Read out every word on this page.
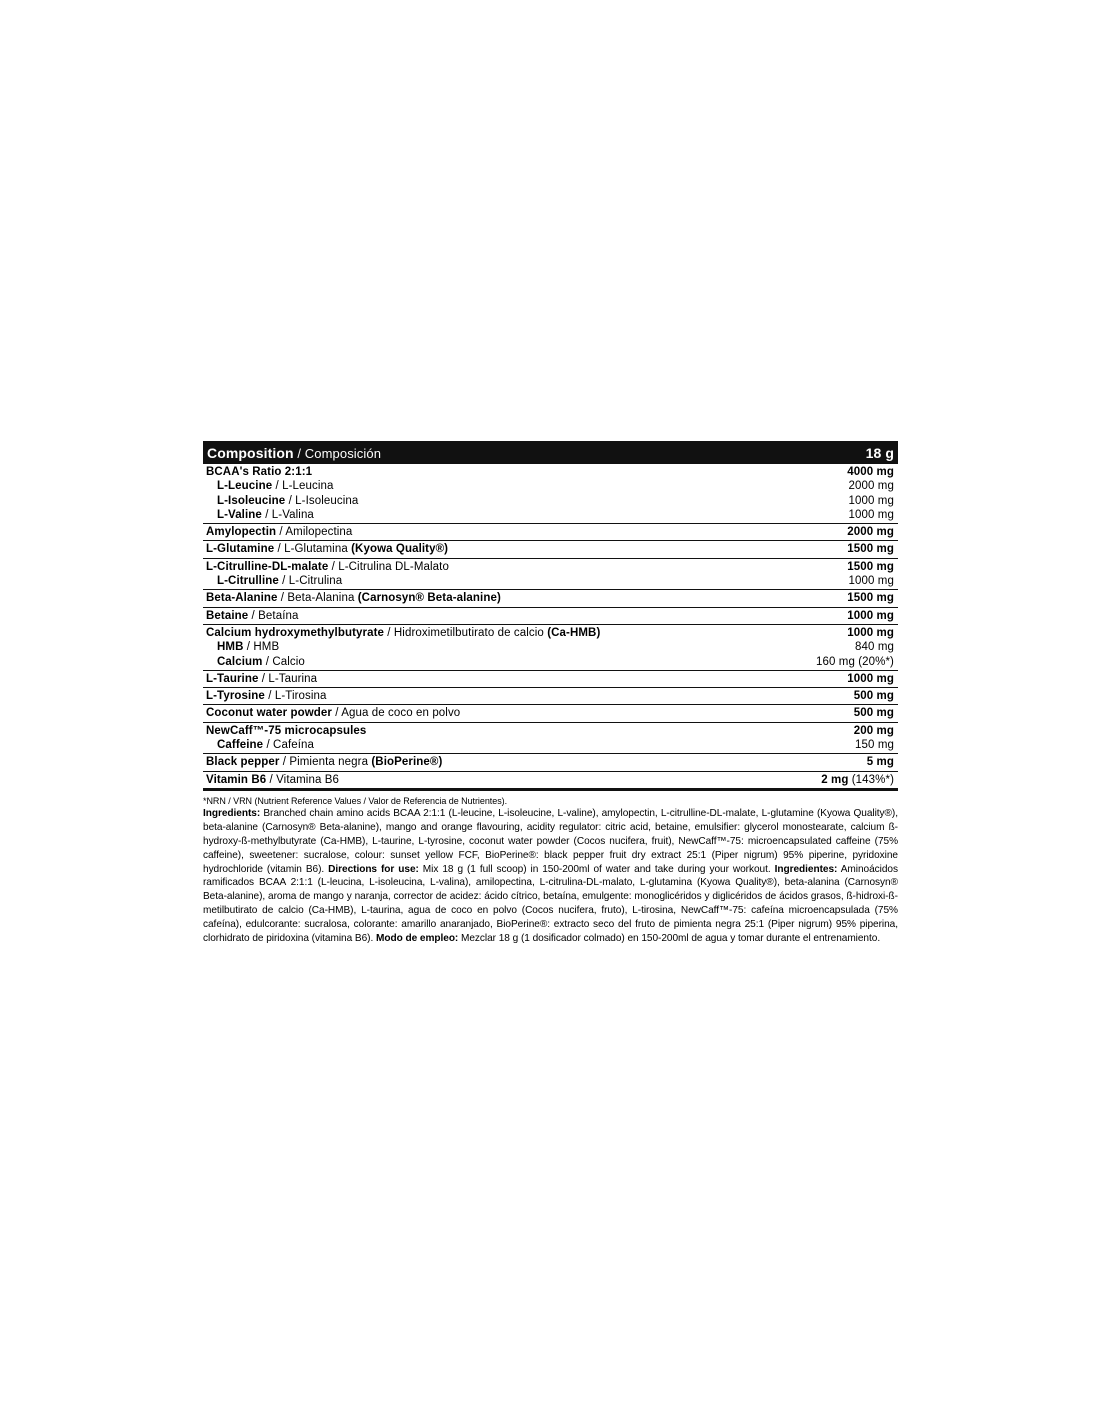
Composition / Composición	18 g
BCAA's Ratio 2:1:1	4000 mg
L-Leucine / L-Leucina	2000 mg
L-Isoleucine / L-Isoleucina	1000 mg
L-Valine / L-Valina	1000 mg
Amylopectin / Amilopectina	2000 mg
L-Glutamine / L-Glutamina (Kyowa Quality®)	1500 mg
L-Citrulline-DL-malate / L-Citrulina DL-Malato	1500 mg
L-Citrulline / L-Citrulina	1000 mg
Beta-Alanine / Beta-Alanina (Carnosyn® Beta-alanine)	1500 mg
Betaine / Betaína	1000 mg
Calcium hydroxymethylbutyrate / Hidroximetilbutirato de calcio (Ca-HMB)	1000 mg
HMB / HMB	840 mg
Calcium / Calcio	160 mg (20%*)
L-Taurine / L-Taurina	1000 mg
L-Tyrosine / L-Tirosina	500 mg
Coconut water powder / Agua de coco en polvo	500 mg
NewCaff™-75 microcapsules	200 mg
Caffeine / Cafeína	150 mg
Black pepper / Pimienta negra (BioPerine®)	5 mg
Vitamin B6 / Vitamina B6	2 mg (143%*)
*NRN / VRN (Nutrient Reference Values / Valor de Referencia de Nutrientes).
Ingredients: Branched chain amino acids BCAA 2:1:1 (L-leucine, L-isoleucine, L-valine), amylopectin, L-citrulline-DL-malate, L-glutamine (Kyowa Quality®), beta-alanine (Carnosyn® Beta-alanine), mango and orange flavouring, acidity regulator: citric acid, betaine, emulsifier: glycerol monostearate, calcium ß-hydroxy-ß-methylbutyrate (Ca-HMB), L-taurine, L-tyrosine, coconut water powder (Cocos nucifera, fruit), NewCaff™-75: microencapsulated caffeine (75% caffeine), sweetener: sucralose, colour: sunset yellow FCF, BioPerine®: black pepper fruit dry extract 25:1 (Piper nigrum) 95% piperine, pyridoxine hydrochloride (vitamin B6). Directions for use: Mix 18 g (1 full scoop) in 150-200ml of water and take during your workout. Ingredientes: Aminoácidos ramificados BCAA 2:1:1 (L-leucina, L-isoleucina, L-valina), amilopectina, L-citrulina-DL-malato, L-glutamina (Kyowa Quality®), beta-alanina (Carnosyn® Beta-alanine), aroma de mango y naranja, corrector de acidez: ácido cítrico, betaína, emulgente: monoglicéridos y diglicéridos de ácidos grasos, ß-hidroxi-ß-metilbutirato de calcio (Ca-HMB), L-taurina, agua de coco en polvo (Cocos nucifera, fruto), L-tirosina, NewCaff™-75: cafeína microencapsulada (75% cafeína), edulcorante: sucralosa, colorante: amarillo anaranjado, BioPerine®: extracto seco del fruto de pimienta negra 25:1 (Piper nigrum) 95% piperina, clorhidrato de piridoxina (vitamina B6). Modo de empleo: Mezclar 18 g (1 dosificador colmado) en 150-200ml de agua y tomar durante el entrenamiento.
